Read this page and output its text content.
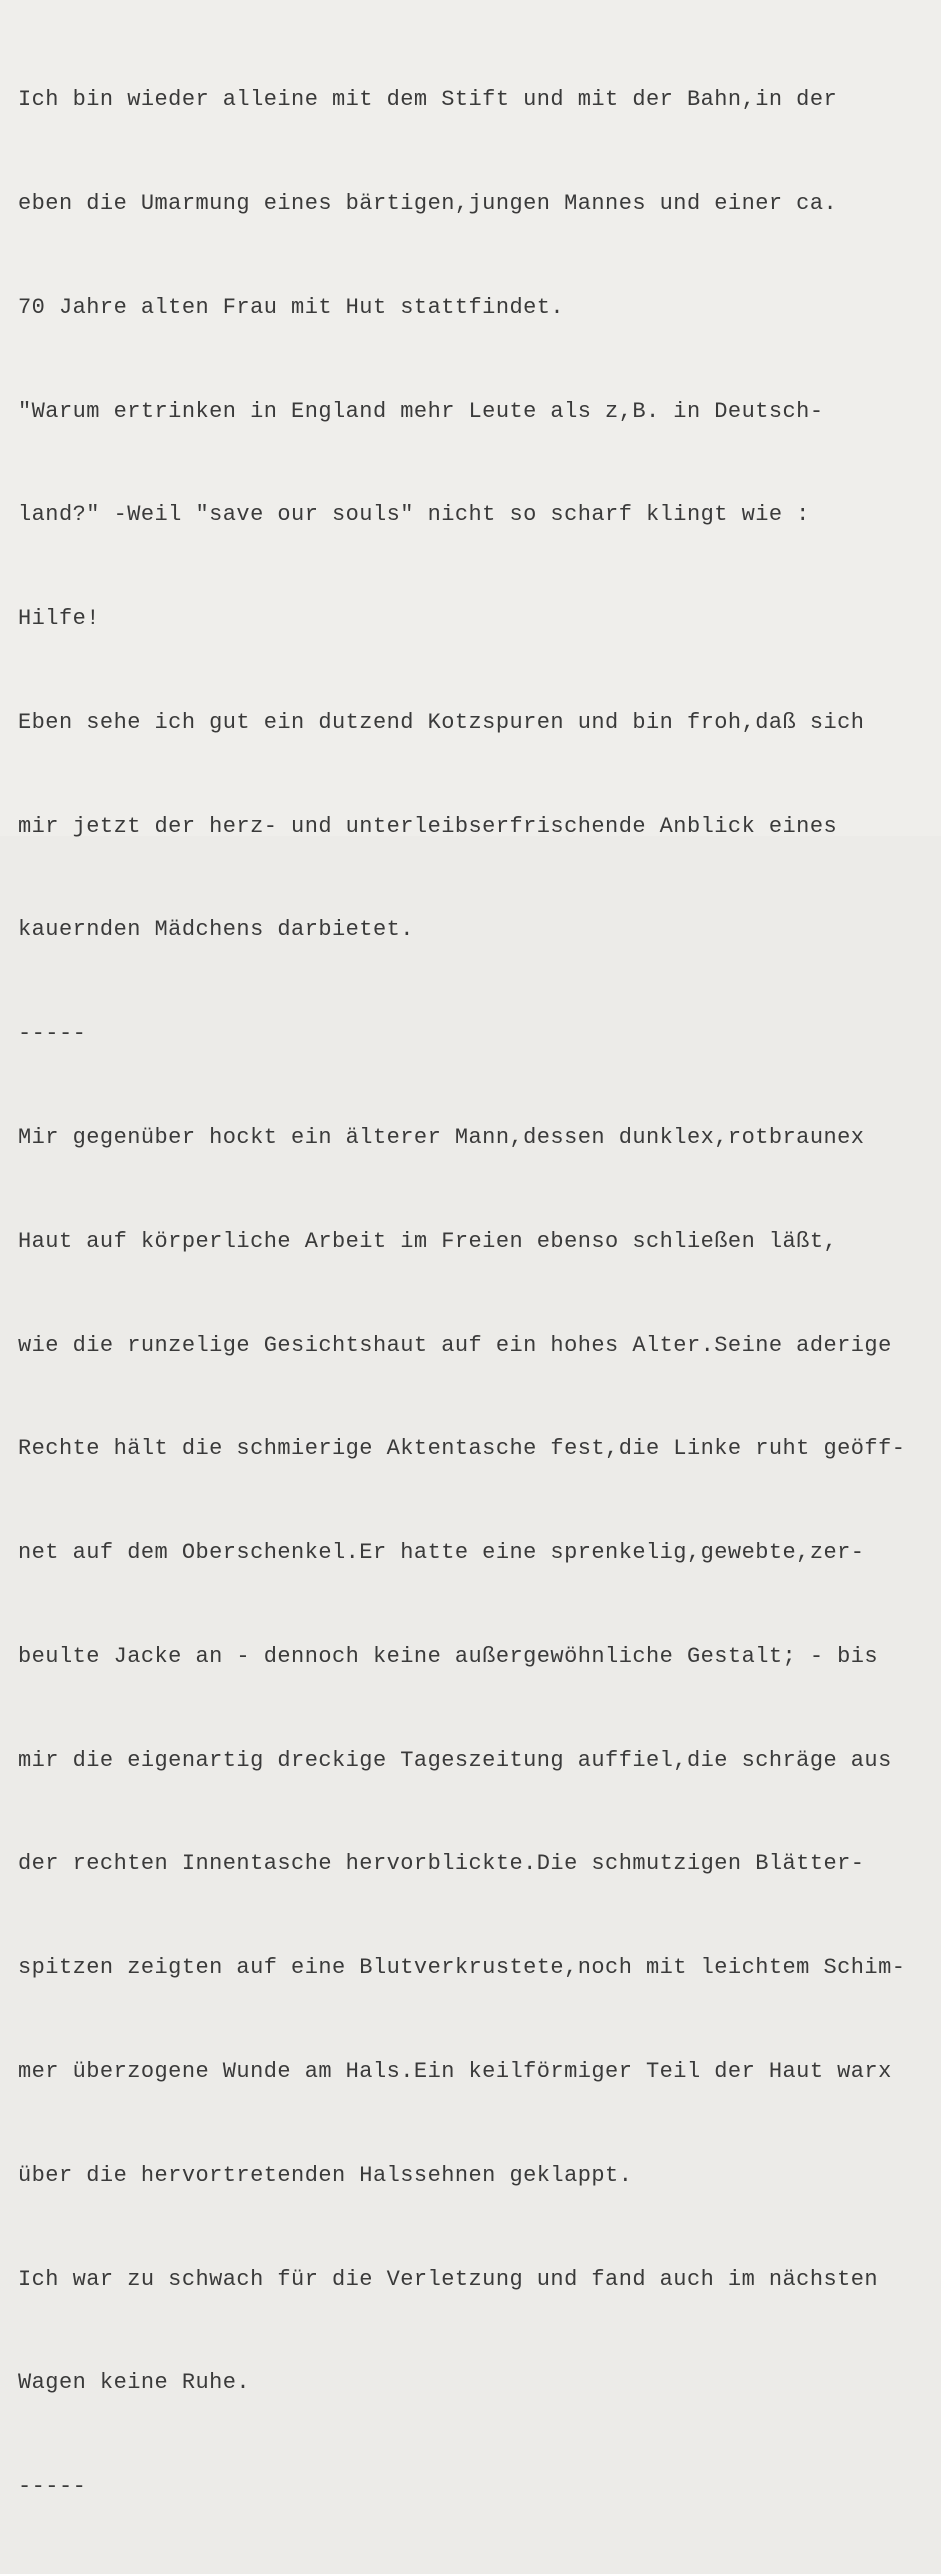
Ich bin wieder alleine mit dem Stift und mit der Bahn,in der

eben die Umarmung eines bärtigen,jungen Mannes und einer ca.

70 Jahre alten Frau mit Hut stattfindet.

"Warum ertrinken in England mehr Leute als z,B. in Deutsch-

land?" -Weil "save our souls" nicht so scharf klingt wie :

Hilfe!

Eben sehe ich gut ein dutzend Kotzspuren und bin froh,daß sich

mir jetzt der herz- und unterleibserfrischende Anblick eines

kauernden Mädchens darbietet.

-----

Mir gegenüber hockt ein älterer Mann,dessen dunklex,rotbraunex

Haut auf körperliche Arbeit im Freien ebenso schließen läßt,

wie die runzelige Gesichtshaut auf ein hohes Alter.Seine aderige

Rechte hält die schmierige Aktentasche fest,die Linke ruht geöff-

net auf dem Oberschenkel.Er hatte eine sprenkelig,gewebte,zer-

beulte Jacke an - dennoch keine außergewöhnliche Gestalt; - bis

mir die eigenartig dreckige Tageszeitung auffiel,die schräge aus

der rechten Innentasche hervorblickte.Die schmutzigen Blätter-

spitzen zeigten auf eine Blutverkrustete,noch mit leichtem Schim-

mer überzogene Wunde am Hals.Ein keilförmiger Teil der Haut warx

über die hervortretenden Halssehnen geklappt.

Ich war zu schwach für die Verletzung und fand auch im nächsten

Wagen keine Ruhe.

-----
